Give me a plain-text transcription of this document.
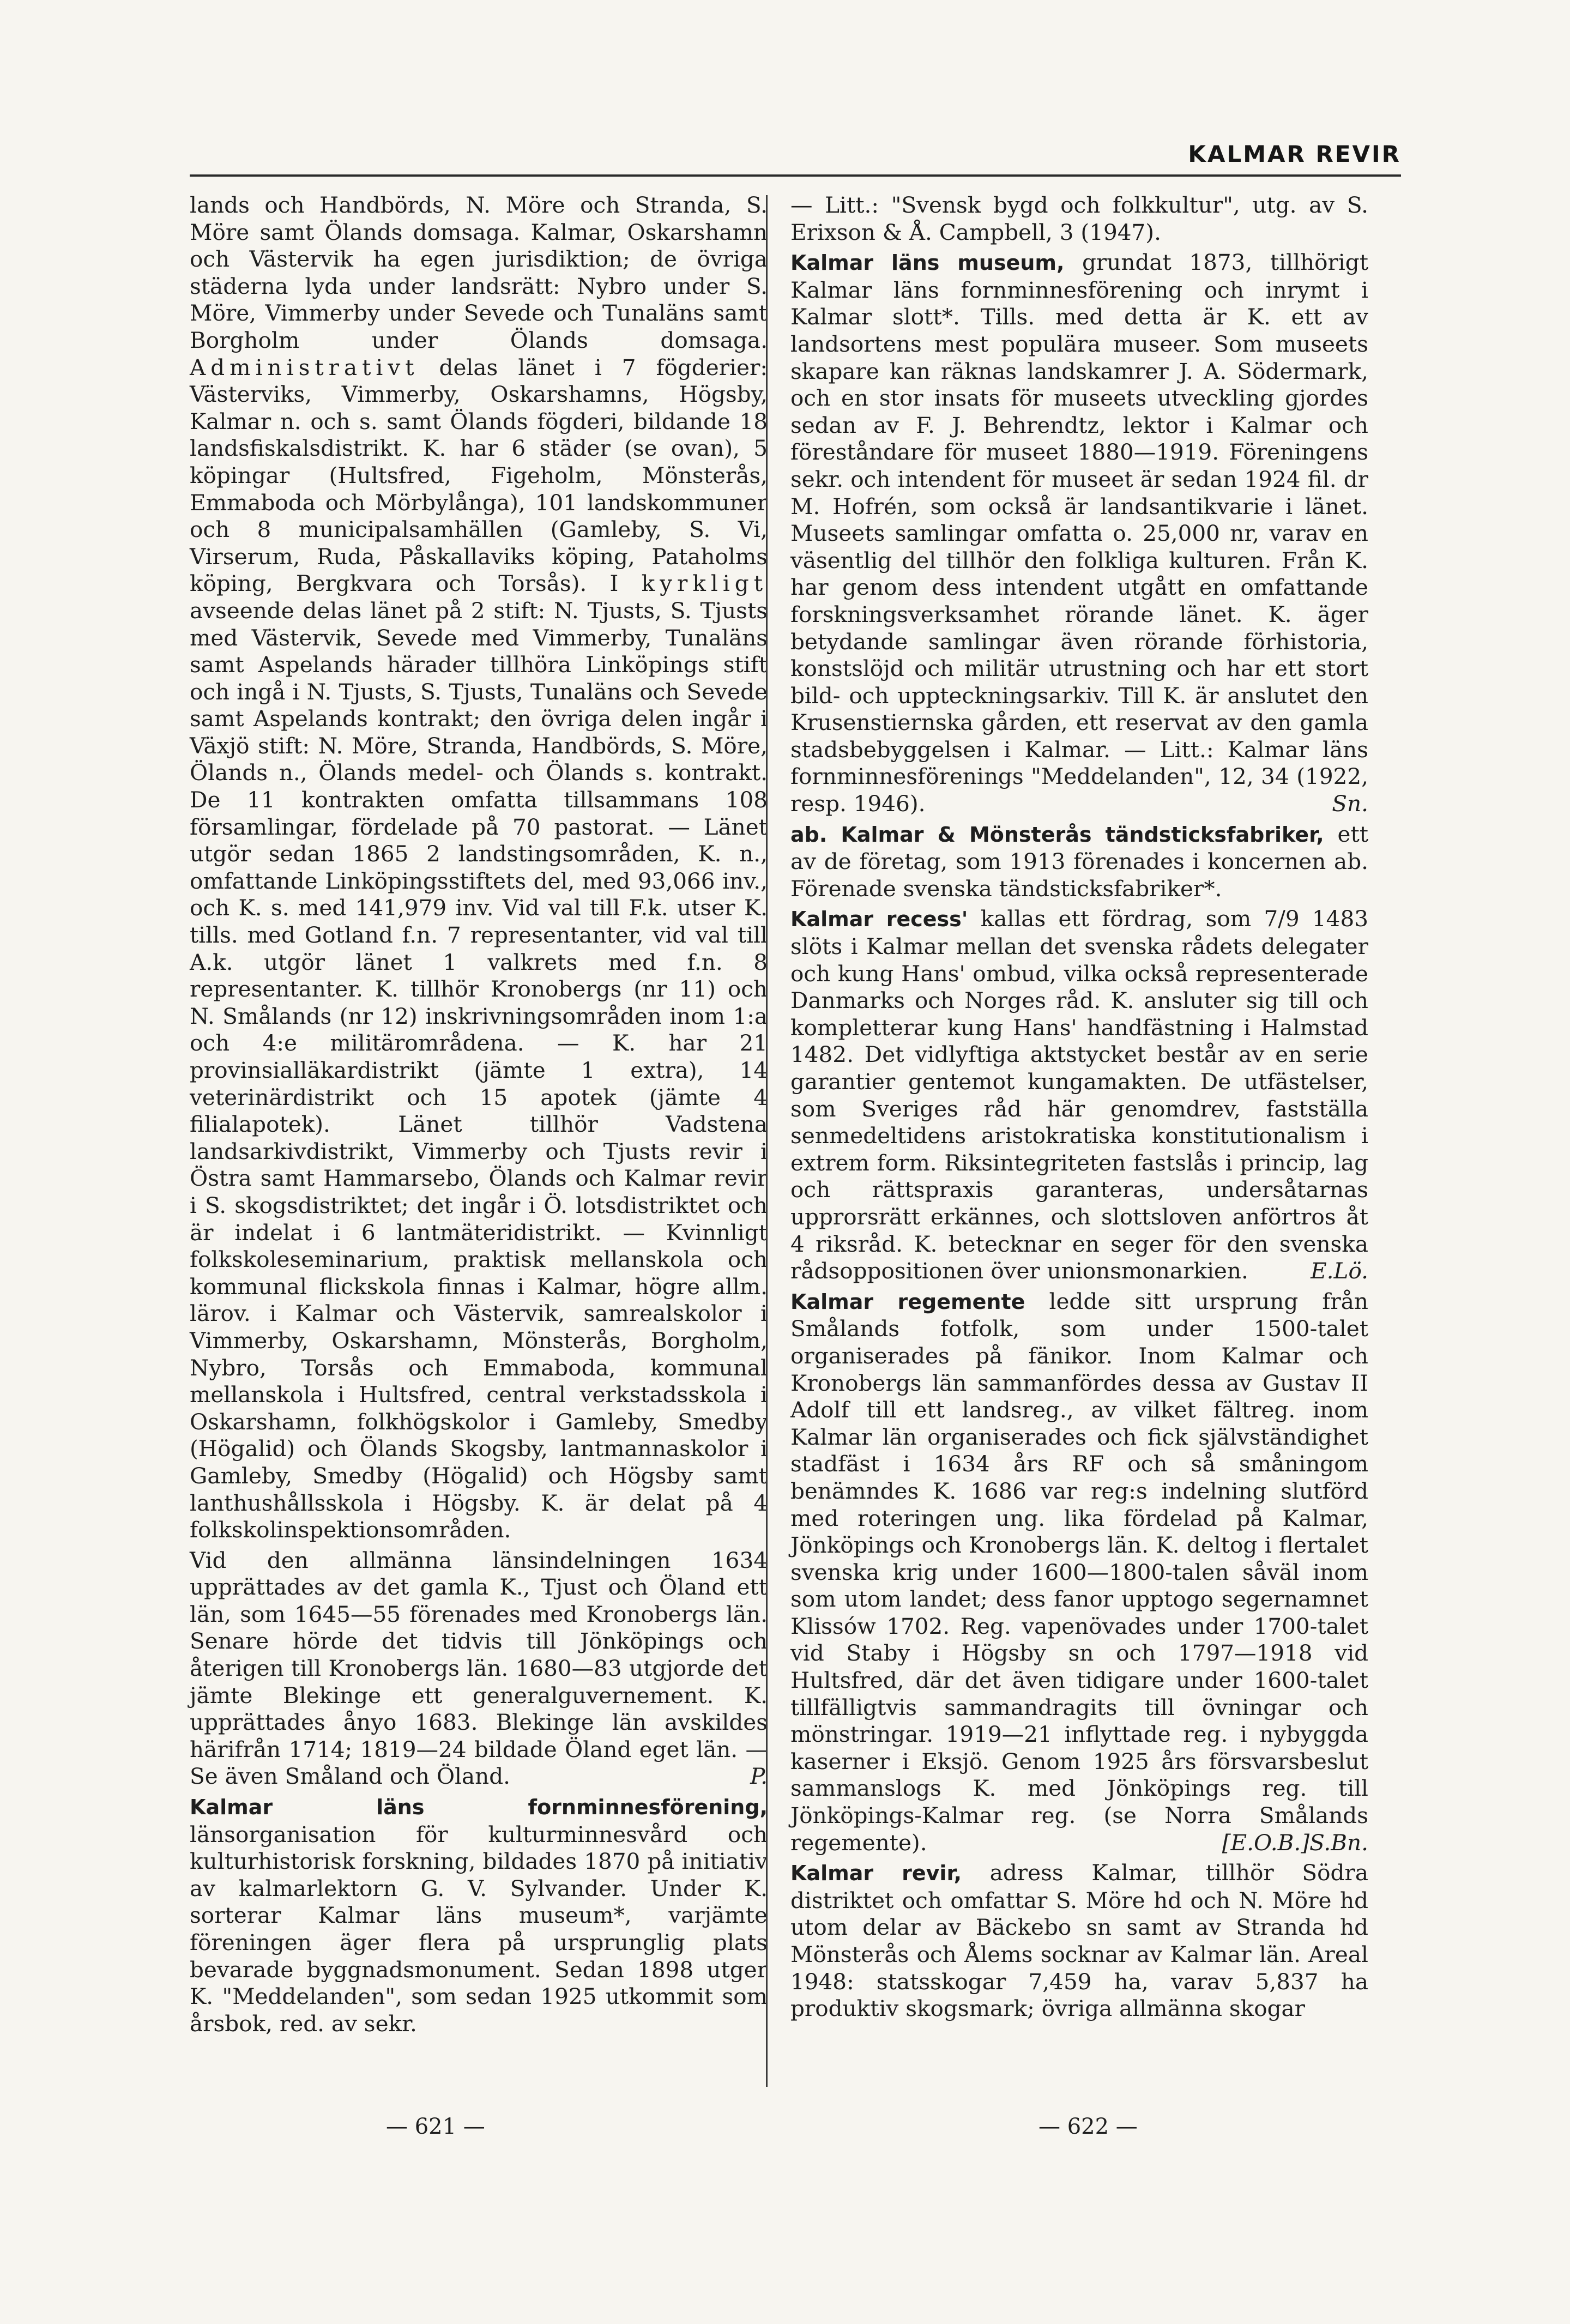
KALMAR REVIR

lands och Handbörds, N. Möre och Stranda, S. Möre samt Ölands domsaga. Kalmar, Oskarshamn och Västervik ha egen jurisdiktion; de övriga städerna lyda under landsrätt: Nybro under S. Möre, Vimmerby under Sevede och Tunaläns samt Borgholm under Ölands domsaga. Administrativt delas länet i 7 fögderier: Västerviks, Vimmerby, Oskarshamns, Högsby, Kalmar n. och s. samt Ölands fögderi, bildande 18 landsfiskalsdistrikt. K. har 6 städer (se ovan), 5 köpingar (Hultsfred, Figeholm, Mönsterås, Emmaboda och Mörbylånga), 101 landskommuner och 8 municipalsamhällen (Gamleby, S. Vi, Virserum, Ruda, Påskallaviks köping, Pataholms köping, Bergkvara och Torsås). I kyrkligt avseende delas länet på 2 stift: N. Tjusts, S. Tjusts med Västervik, Sevede med Vimmerby, Tunaläns samt Aspelands härader tillhöra Linköpings stift och ingå i N. Tjusts, S. Tjusts, Tunaläns och Sevede samt Aspelands kontrakt; den övriga delen ingår i Växjö stift: N. Möre, Stranda, Handbörds, S. Möre, Ölands n., Ölands medel- och Ölands s. kontrakt. De 11 kontrakten omfatta tillsammans 108 församlingar, fördelade på 70 pastorat. — Länet utgör sedan 1865 2 landstingsområden, K. n., omfattande Linköpingsstiftets del, med 93,066 inv., och K. s. med 141,979 inv. Vid val till F.k. utser K. tills. med Gotland f.n. 7 representanter, vid val till A.k. utgör länet 1 valkrets med f.n. 8 representanter. K. tillhör Kronobergs (nr 11) och N. Smålands (nr 12) inskrivningsområden inom 1:a och 4:e militärområdena. — K. har 21 provinsialläkardistrikt (jämte 1 extra), 14 veterinärdistrikt och 15 apotek (jämte 4 filialapotek). Länet tillhör Vadstena landsarkivdistrikt, Vimmerby och Tjusts revir i Östra samt Hammarsebo, Ölands och Kalmar revir i S. skogsdistriktet; det ingår i Ö. lotsdistriktet och är indelat i 6 lantmäteridistrikt. — Kvinnligt folkskoleseminarium, praktisk mellanskola och kommunal flickskola finnas i Kalmar, högre allm. lärov. i Kalmar och Västervik, samrealskolor i Vimmerby, Oskarshamn, Mönsterås, Borgholm, Nybro, Torsås och Emmaboda, kommunal mellanskola i Hultsfred, central verkstadsskola i Oskarshamn, folkhögskolor i Gamleby, Smedby (Högalid) och Ölands Skogsby, lantmannaskolor i Gamleby, Smedby (Högalid) och Högsby samt lanthushållsskola i Högsby. K. är delat på 4 folkskolinspektionsområden.

Vid den allmänna länsindelningen 1634 upprättades av det gamla K., Tjust och Öland ett län, som 1645—55 förenades med Kronobergs län. Senare hörde det tidvis till Jönköpings och återigen till Kronobergs län. 1680—83 utgjorde det jämte Blekinge ett generalguvernement. K. upprättades ånyo 1683. Blekinge län avskildes härifrån 1714; 1819—24 bildade Öland eget län. — Se även Småland och Öland.	P.

Kalmar läns fornminnesförening, länsorganisation för kulturminnesvård och kulturhistorisk forskning, bildades 1870 på initiativ av kalmarlektorn G. V. Sylvander. Under K. sorterar Kalmar läns museum*, varjämte föreningen äger flera på ursprunglig plats bevarade byggnadsmonument. Sedan 1898 utger K. "Meddelanden", som sedan 1925 utkommit som årsbok, red. av sekr.

— Litt.: "Svensk bygd och folkkultur", utg. av S. Erixson & Å. Campbell, 3 (1947).

Kalmar läns museum, grundat 1873, tillhörigt Kalmar läns fornminnesförening och inrymt i Kalmar slott*. Tills. med detta är K. ett av landsortens mest populära museer. Som museets skapare kan räknas landskamrer J. A. Södermark, och en stor insats för museets utveckling gjordes sedan av F. J. Behrendtz, lektor i Kalmar och föreståndare för museet 1880—1919. Föreningens sekr. och intendent för museet är sedan 1924 fil. dr M. Hofrén, som också är landsantikvarie i länet. Museets samlingar omfatta o. 25,000 nr, varav en väsentlig del tillhör den folkliga kulturen. Från K. har genom dess intendent utgått en omfattande forskningsverksamhet rörande länet. K. äger betydande samlingar även rörande förhistoria, konstslöjd och militär utrustning och har ett stort bild- och uppteckningsarkiv. Till K. är anslutet den Krusenstiernska gården, ett reservat av den gamla stadsbebyggelsen i Kalmar. — Litt.: Kalmar läns fornminnesförenings "Meddelanden", 12, 34 (1922, resp. 1946).	Sn.

ab. Kalmar & Mönsterås tändsticksfabriker, ett av de företag, som 1913 förenades i koncernen ab. Förenade svenska tändsticksfabriker*.

Kalmar recess' kallas ett fördrag, som 7/9 1483 slöts i Kalmar mellan det svenska rådets delegater och kung Hans' ombud, vilka också representerade Danmarks och Norges råd. K. ansluter sig till och kompletterar kung Hans' handfästning i Halmstad 1482. Det vidlyftiga aktstycket består av en serie garantier gentemot kungamakten. De utfästelser, som Sveriges råd här genomdrev, fastställa senmedeltidens aristokratiska konstitutionalism i extrem form. Riksintegriteten fastslås i princip, lag och rättspraxis garanteras, undersåtarnas upprorsrätt erkännes, och slottsloven anförtros åt 4 riksråd. K. betecknar en seger för den svenska rådsoppositionen över unionsmonarkien.	E.Lö.

Kalmar regemente ledde sitt ursprung från Smålands fotfolk, som under 1500-talet organiserades på fänikor. Inom Kalmar och Kronobergs län sammanfördes dessa av Gustav II Adolf till ett landsreg., av vilket fältreg. inom Kalmar län organiserades och fick självständighet stadfäst i 1634 års RF och så småningom benämndes K. 1686 var reg:s indelning slutförd med roteringen ung. lika fördelad på Kalmar, Jönköpings och Kronobergs län. K. deltog i flertalet svenska krig under 1600—1800-talen såväl inom som utom landet; dess fanor upptogo segernamnet Klissów 1702. Reg. vapenövades under 1700-talet vid Staby i Högsby sn och 1797—1918 vid Hultsfred, där det även tidigare under 1600-talet tillfälligtvis sammandragits till övningar och mönstringar. 1919—21 inflyttade reg. i nybyggda kaserner i Eksjö. Genom 1925 års försvarsbeslut sammanslogs K. med Jönköpings reg. till Jönköpings-Kalmar reg. (se Norra Smålands regemente).	[E.O.B.]S.Bn.

Kalmar revir, adress Kalmar, tillhör Södra distriktet och omfattar S. Möre hd och N. Möre hd utom delar av Bäckebo sn samt av Stranda hd Mönsterås och Ålems socknar av Kalmar län. Areal 1948: statsskogar 7,459 ha, varav 5,837 ha produktiv skogsmark; övriga allmänna skogar

— 621 —	— 622 —
